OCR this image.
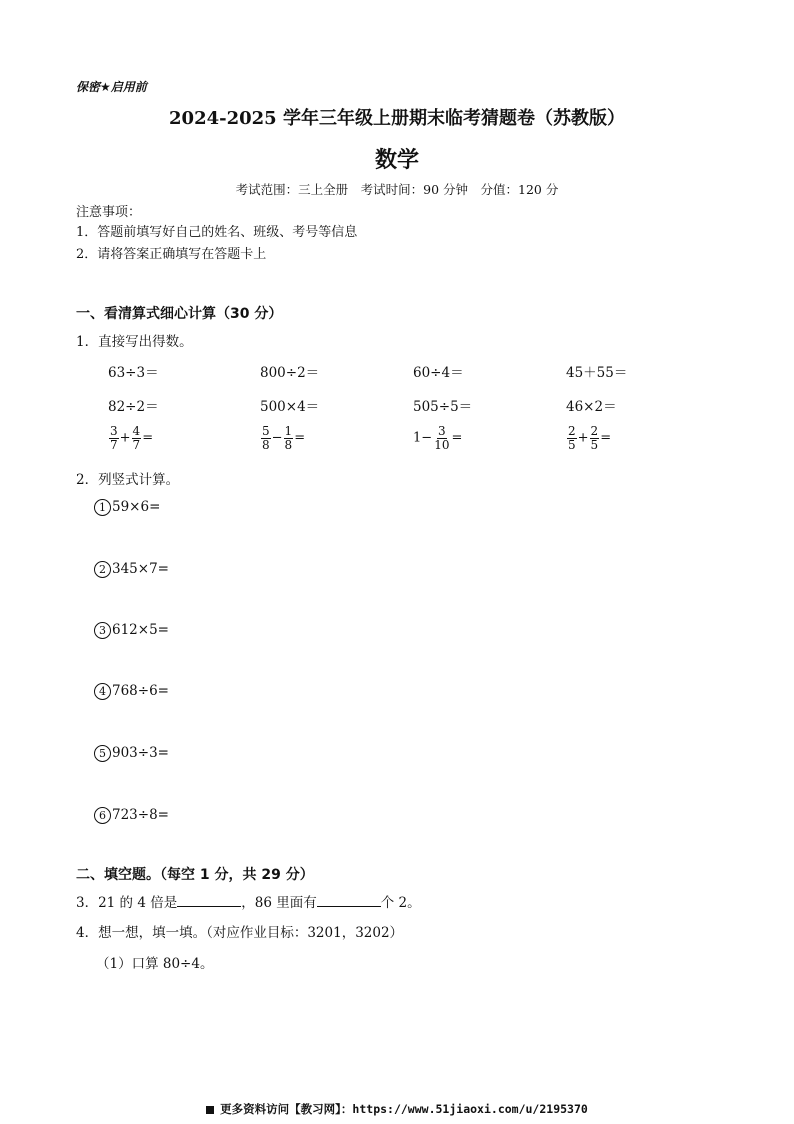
保密★启用前
2024-2025 学年三年级上册期末临考猜题卷（苏教版）
数学
考试范围：三上全册　考试时间：90 分钟　分值：120 分
注意事项：
1．答题前填写好自己的姓名、班级、考号等信息
2．请将答案正确填写在答题卡上
一、看清算式细心计算（30 分）
1．直接写出得数。
63÷3＝	800÷2＝	60÷4＝	45＋55＝
82÷2＝	500×4＝	505÷5＝	46×2＝
$\frac{3}{7} + \frac{4}{7}$ =	$\frac{5}{8} - \frac{1}{8}$ =	$1- \frac{3}{10}$ =	$\frac{2}{5} + \frac{2}{5}$ =
2．列竖式计算。
1 59×6=
2 345×7=
3 612×5=
4 768÷6=
5 903÷3=
6 723÷8=
二、填空题。（每空 1 分，共 29 分）
3．21 的 4 倍是	，86 里面有	个 2。
4．想一想，填一填。（对应作业目标：3201，3202）
（1）口算 80÷4。
更多资料访问【教习网】：https://www.51jiaoxi.com/u/2195370
